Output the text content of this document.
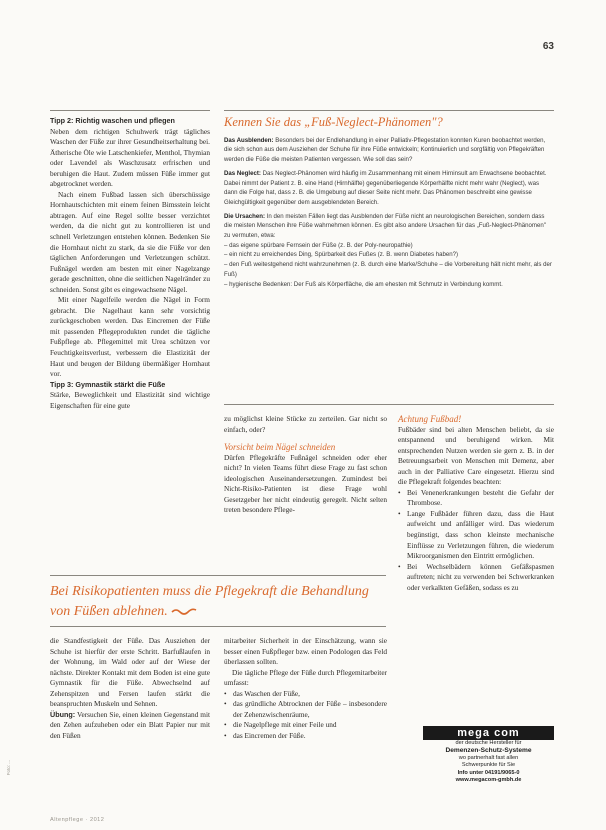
63
Tipp 2: Richtig waschen und pflegen

Neben dem richtigen Schuhwerk trägt tägliches Waschen der Füße zur ihrer Gesundheitserhaltung bei. Ätherische Öle wie Latschenkiefer, Menthol, Thymian oder Lavendel als Waschzusatz erfrischen und beruhigen die Haut. Zudem müssen Füße immer gut abgetrocknet werden.

Nach einem Fußbad lassen sich überschüssige Hornhautschichten mit einem feinen Bimsstein leicht abtragen. Auf eine Regel sollte besser verzichtet werden, da die nicht gut zu kontrollieren ist und schnell Verletzungen entstehen können. Bedenken Sie die Hornhaut nicht zu stark, da sie die Füße vor den täglichen Anforderungen und Verletzungen schützt. Fußnägel werden am besten mit einer Nagelzange gerade geschnitten, ohne die seitlichen Nagelränder zu schneiden. Sonst gibt es eingewachsene Nägel.

Mit einer Nagelfeile werden die Nägel in Form gebracht. Die Nagelhaut kann sehr vorsichtig zurückgeschoben werden. Das Eincremen der Füße mit passenden Pflegeprodukten rundet die tägliche Fußpflege ab. Pflegemittel mit Urea schützen vor Feuchtigkeitsverlust, verbessern die Elastizität der Haut und beugen der Bildung übermäßiger Hornhaut vor.

Tipp 3: Gymnastik stärkt die Füße

Stärke, Beweglichkeit und Elastizität sind wichtige Eigenschaften für eine gute

Kennen Sie das „Fuß-Neglect-Phänomen"?

Das Ausblenden: Besonders bei der Endlehandlung in einer Palliativ-Pflegestation konnten Kuren beobachtet werden, die sich schon aus dem Ausziehen der Schuhe für ihre Füße entwickeln; Kontinuierlich und sorgfältig von Pflegekräften werden die Füße die meisten Patienten vergessen. Wie soll das sein?

Das Neglect: Das Neglect-Phänomen wird häufig im Zusammenhang mit einem Hirninsult am Erwachsene beobachtet. Dabei nimmt der Patient z. B. eine Hand (Hirnhälfte) gegenüberliegende Körperhälfte nicht mehr wahr (Neglect), was dann die Folge hat, dass z. B. die Umgebung auf dieser Seite nicht mehr. Das Phänomen beschreibt eine gewisse Gleichgültigkeit gegenüber dem ausgeblendeten Bereich.

Die Ursachen: In den meisten Fällen liegt das Ausblenden der Füße nicht an neurologischen Bereichen, sondern dass die meisten Menschen ihre Füße wahrnehmen können. Es gibt also andere Ursachen für das „Fuß-Neglect-Phänomen" zu vermuten, etwa:

– das eigene spürbare Fernsein der Füße (z. B. der Poly-neuropathie)
– ein nicht zu erreichendes Ding, Spürbarkeit des Fußes (z. B. wenn Diabetes haben?)
– den Fuß weitestgehend nicht wahrzunehmen (z. B. durch eine Marke/Schuhe – die Vorbereitung hält nicht mehr, als der Fuß)
– hygienische Bedenken: Der Fuß als Körperfläche, die am ehesten mit Schmutz in Verbindung kommt.

zu möglichst kleine Stücke zu zerteilen. Gar nicht so einfach, oder?

Vorsicht beim Nägel schneiden

Dürfen Pflegekräfte Fußnägel schneiden oder eher nicht? In vielen Teams führt diese Frage zu fast schon ideologischen Auseinandersetzungen. Zumindest bei Nicht-Risiko-Patienten ist diese Frage wohl Gesetzgeber her nicht eindeutig geregelt. Nicht selten treten besondere Pflege-

Achtung Fußbad!

Fußbäder sind bei alten Menschen beliebt, da sie entspannend und beruhigend wirken. Mit entsprechenden Nutzen werden sie gern z. B. in der Betreuungsarbeit von Menschen mit Demenz, aber auch in der Palliative Care eingesetzt. Hierzu sind die Pflegekraft folgendes beachten:

• Bei Venenerkrankungen besteht die Gefahr der Thrombose.
• Lange Fußbäder führen dazu, dass die Haut aufweicht und anfälliger wird. Das wiederum begünstigt, dass schon kleinste mechanische Einflüsse zu Verletzungen führen, die wiederum Mikroorganismen den Eintritt ermöglichen.
• Bei Wechselbädern können Gefäßspasmen auftreten; nicht zu verwenden bei Schwerkranken oder verkalkten Gefäßen, sodass es zu
Bei Risikopatienten muss die Pflegekraft die Behandlung von Füßen ablehnen.

die Standfestigkeit der Füße. Das Ausziehen der Schuhe ist hierfür der erste Schritt. Barfußlaufen in der Wohnung, im Wald oder auf der Wiese der nächste. Direkter Kontakt mit dem Boden ist eine gute Gymnastik für die Füße. Abwechselnd auf Zehenspitzen und Fersen laufen stärkt die beanspruchten Muskeln und Sehnen.

Übung: Versuchen Sie, einen kleinen Gegenstand mit den Zehen aufzuheben oder ein Blatt Papier nur mit den Füßen

mitarbeiter Sicherheit in der Einschätzung, wann sie besser einen Fußpfleger bzw. einen Podologen das Feld überlassen sollten.

Die tägliche Pflege der Füße durch Pflegemitarbeiter umfasst:

• das Waschen der Füße,
• das gründliche Abtrocknen der Füße – insbesondere der Zehenzwischenräume,
• die Nagelpflege mit einer Feile und
• das Eincremen der Füße.	mega com
der deutsche Hersteller für
Demenzen-Schutz-Systeme
wo partnerhalt fast allen
Schwerpunkte für Sie
Info unter 04191/9065-0
www.megacom-gmbh.de
Altenpflege · 2012
Foto: ...
